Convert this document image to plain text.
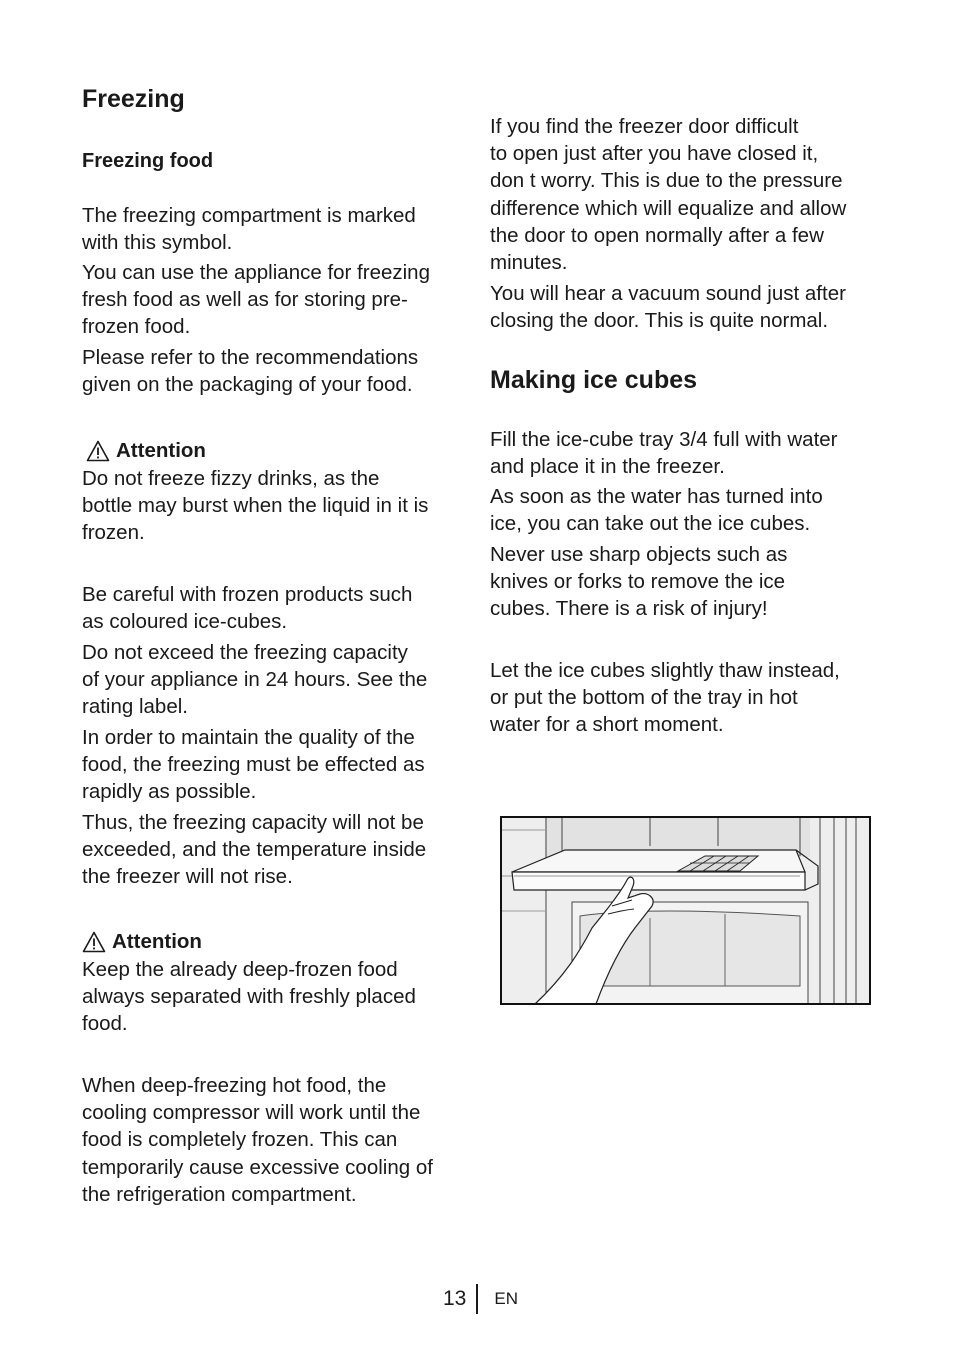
Freezing
Freezing food

The freezing compartment is marked
with this symbol.

You can use the appliance for freezing
fresh food as well as for storing pre-
frozen food.

Please refer to the recommendations
given on the packaging of your food.

Attention

Do not freeze fizzy drinks, as the
bottle may burst when the liquid in it is
frozen.

Be careful with frozen products such
as coloured ice-cubes.

Do not exceed the freezing capacity
of your appliance in 24 hours. See the
rating label.

In order to maintain the quality of the
food, the freezing must be effected as
rapidly as possible.

Thus, the freezing capacity will not be
exceeded, and the temperature inside
the freezer will not rise.

Attention

Keep the already deep-frozen food
always separated with freshly placed
food.

When deep-freezing hot food, the
cooling compressor will work until the
food is completely frozen. This can
temporarily cause excessive cooling of
the refrigeration compartment.

If you find the freezer door difficult
to open just after you have closed it,
don t worry. This is due to the pressure
difference which will equalize and allow
the door to open normally after a few
minutes.

You will hear a vacuum sound just after
closing the door. This is quite normal.

Making ice cubes

Fill the ice-cube tray 3/4 full with water
and place it in the freezer.

As soon as the water has turned into
ice, you can take out the ice cubes.

Never use sharp objects such as
knives or forks to remove the ice
cubes. There is a risk of injury!

Let the ice cubes slightly thaw instead,
or put the bottom of the tray in hot
water for a short moment.

13 EN
